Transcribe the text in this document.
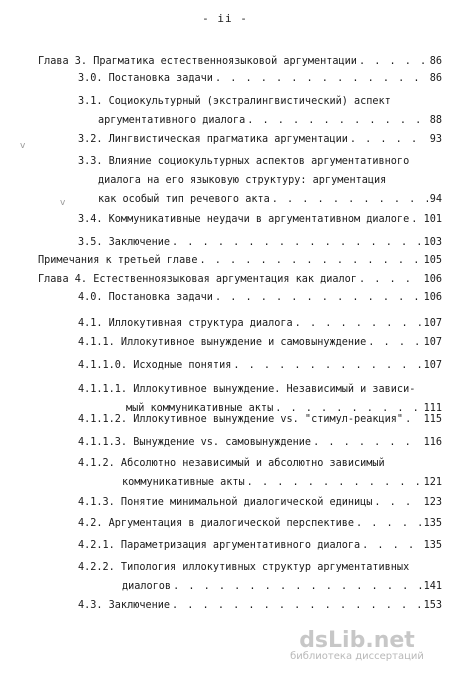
- ii -
Глава 3. Прагматика естественноязыковой аргументации . . .	86
3.0. Постановка задачи . . .	86
3.1. Социокультурный (экстралингвистический) аспект
аргументативного диалога . . .	88
3.2. Лингвистическая прагматика аргументации . . .	93
3.3. Влияние социокультурных аспектов аргументативного
диалога на его языковую структуру: аргументация
как особый тип речевого акта . . .	94
3.4. Коммуникативные неудачи в аргументативном диалоге . . . 101
3.5. Заключение . . .	103
Примечания к третьей главе . . .	105
Глава 4. Естественноязыковая аргументация как диалог . . .	106
4.0. Постановка задачи . . .	106
4.1. Иллокутивная структура диалога . . .	107
4.1.1. Иллокутивное вынуждение и самовынуждение . . .	107
4.1.1.0. Исходные понятия . . .	107
4.1.1.1. Иллокутивное вынуждение. Независимый и зависи-
мый коммуникативные акты . . .	111
4.1.1.2. Иллокутивное вынуждение vs. "стимул-реакция" . . . 115
4.1.1.3. Вынуждение vs. самовынуждение . . .	116
4.1.2. Абсолютно независимый и абсолютно зависимый
коммуникативные акты . . .	121
4.1.3. Понятие минимальной диалогической единицы . . .	123
4.2. Аргументация в диалогической перспективе . . .	135
4.2.1. Параметризация аргументативного диалога . . .	135
4.2.2. Типология иллокутивных структур аргументативных
диалогов . . .	141
4.3. Заключение . . .	153
v
v
dsLib.net
библиотека диссертаций
